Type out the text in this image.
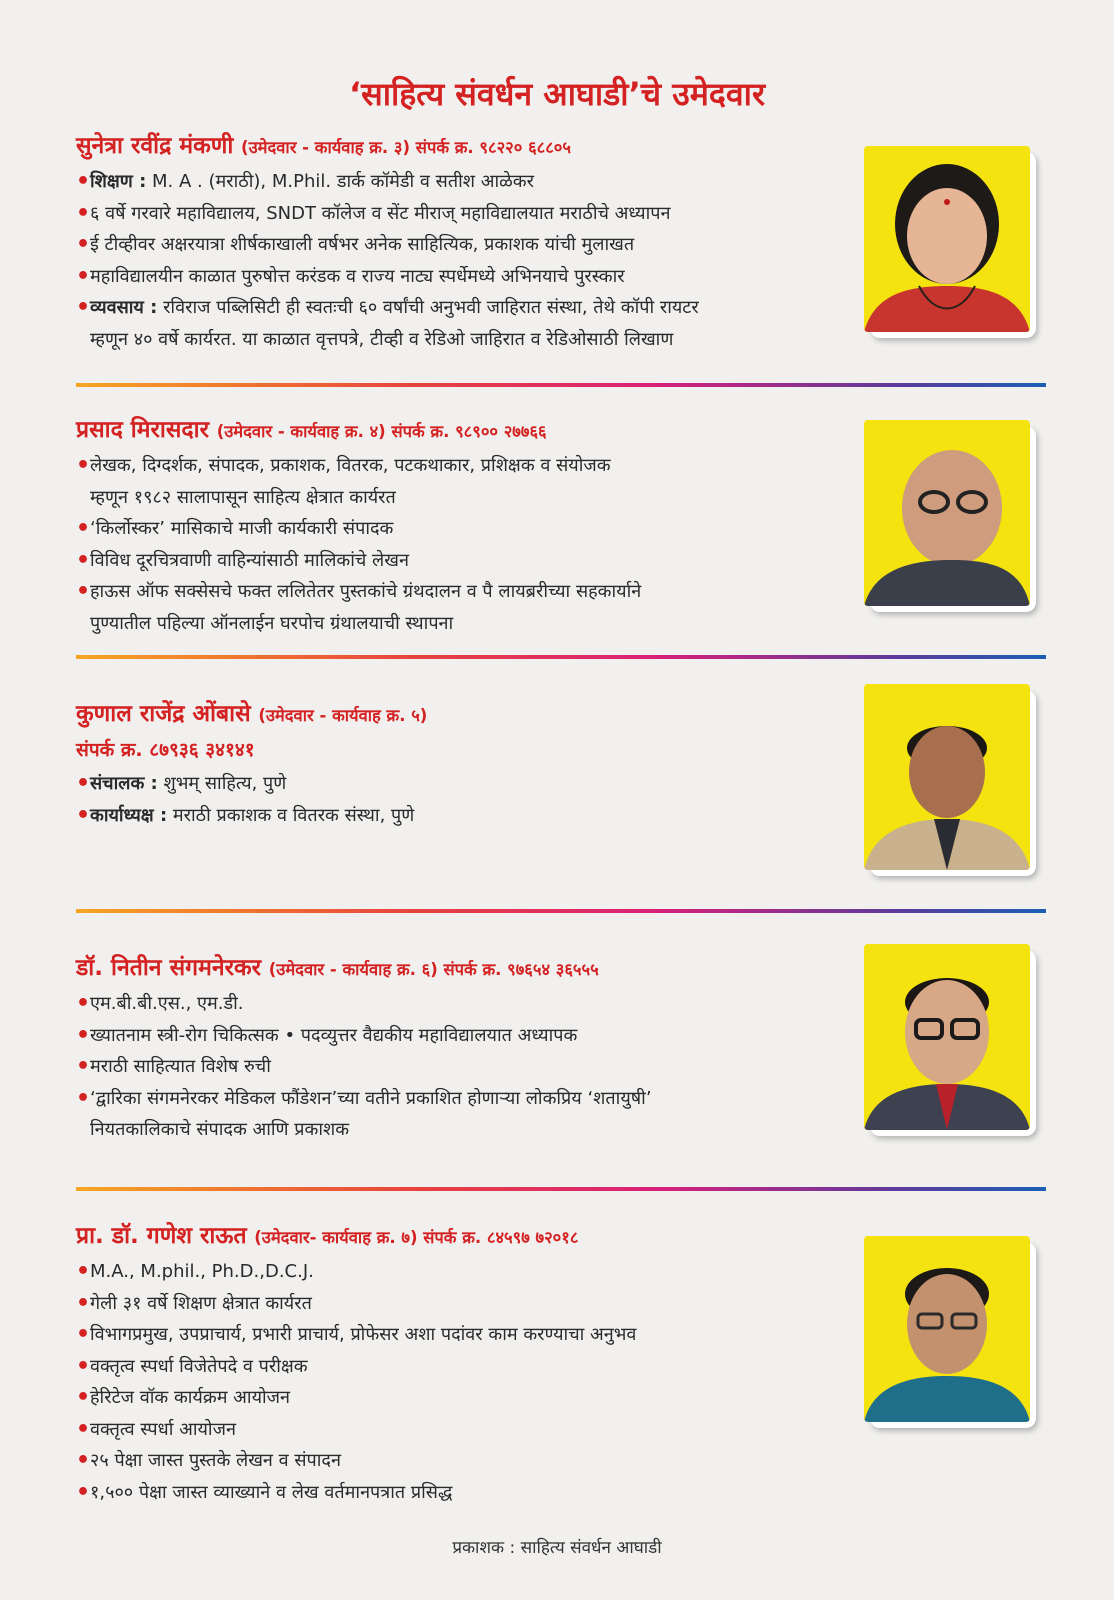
‘साहित्य संवर्धन आघाडी’चे उमेदवार
सुनेत्रा रवींद्र मंकणी (उमेदवार - कार्यवाह क्र. ३) संपर्क क्र. ९८२२० ६८८०५
• शिक्षण : M. A . (मराठी), M.Phil. डार्क कॉमेडी व सतीश आळेकर
• ६ वर्षे गरवारे महाविद्यालय, SNDT कॉलेज व सेंट मीराज् महाविद्यालयात मराठीचे अध्यापन
• ई टीव्हीवर अक्षरयात्रा शीर्षकाखाली वर्षभर अनेक साहित्यिक, प्रकाशक यांची मुलाखत
• महाविद्यालयीन काळात पुरुषोत्त करंडक व राज्य नाट्य स्पर्धेमध्ये अभिनयाचे पुरस्कार
• व्यवसाय : रविराज पब्लिसिटी ही स्वतःची ६० वर्षांची अनुभवी जाहिरात संस्था, तेथे कॉपी रायटर
म्हणून ४० वर्षे कार्यरत. या काळात वृत्तपत्रे, टीव्ही व रेडिओ जाहिरात व रेडिओसाठी लिखाण
प्रसाद मिरासदार (उमेदवार - कार्यवाह क्र. ४) संपर्क क्र. ९८९०० २७७६६
• लेखक, दिग्दर्शक, संपादक, प्रकाशक, वितरक, पटकथाकार, प्रशिक्षक व संयोजक
म्हणून १९८२ सालापासून साहित्य क्षेत्रात कार्यरत
• ‘किर्लोस्कर’ मासिकाचे माजी कार्यकारी संपादक
• विविध दूरचित्रवाणी वाहिन्यांसाठी मालिकांचे लेखन
• हाऊस ऑफ सक्सेसचे फक्त ललितेतर पुस्तकांचे ग्रंथदालन व पै लायब्ररीच्या सहकार्याने
पुण्यातील पहिल्या ऑनलाईन घरपोच ग्रंथालयाची स्थापना
कुणाल राजेंद्र ओंबासे (उमेदवार - कार्यवाह क्र. ५)
संपर्क क्र. ८७९३६ ३४१४१
• संचालक : शुभम् साहित्य, पुणे
• कार्याध्यक्ष : मराठी प्रकाशक व वितरक संस्था, पुणे
डॉ. नितीन संगमनेरकर (उमेदवार - कार्यवाह क्र. ६) संपर्क क्र. ९७६५४ ३६५५५
• एम.बी.बी.एस., एम.डी.
• ख्यातनाम स्त्री-रोग चिकित्सक • पदव्युत्तर वैद्यकीय महाविद्यालयात अध्यापक
• मराठी साहित्यात विशेष रुची
• ‘द्वारिका संगमनेरकर मेडिकल फौंडेशन’च्या वतीने प्रकाशित होणाऱ्या लोकप्रिय ‘शतायुषी’
नियतकालिकाचे संपादक आणि प्रकाशक
प्रा. डॉ. गणेश राऊत (उमेदवार- कार्यवाह क्र. ७) संपर्क क्र. ८४५९७ ७२०१८
• M.A., M.phil., Ph.D.,D.C.J.
• गेली ३१ वर्षे शिक्षण क्षेत्रात कार्यरत
• विभागप्रमुख, उपप्राचार्य, प्रभारी प्राचार्य, प्रोफेसर अशा पदांवर काम करण्याचा अनुभव
• वक्तृत्व स्पर्धा विजेतेपदे व परीक्षक
• हेरिटेज वॉक कार्यक्रम आयोजन
• वक्तृत्व स्पर्धा आयोजन
• २५ पेक्षा जास्त पुस्तके लेखन व संपादन
• १,५०० पेक्षा जास्त व्याख्याने व लेख वर्तमानपत्रात प्रसिद्ध
प्रकाशक : साहित्य संवर्धन आघाडी
